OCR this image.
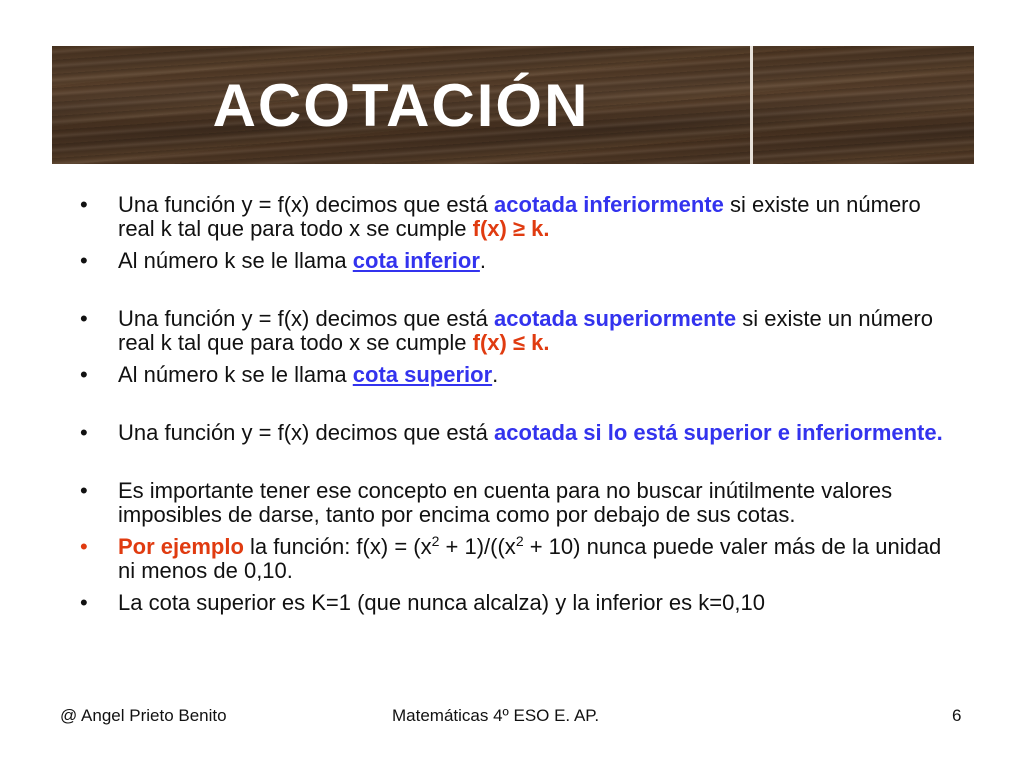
ACOTACIÓN
•	Una función y = f(x) decimos que está acotada inferiormente si existe un número real k tal que para todo x se cumple f(x) ≥ k.
•	Al número k se le llama cota inferior.
•	Una función y = f(x) decimos que está acotada superiormente si existe un número real k tal que para todo x se cumple f(x) ≤ k.
•	Al número k se le llama cota superior.
•	Una función y = f(x) decimos que está acotada si lo está superior e inferiormente.
•	Es importante tener ese concepto en cuenta para no buscar inútilmente valores imposibles de darse, tanto por encima como por debajo de sus cotas.
•	Por ejemplo la función: $f(x) = (x^2 + 1)/((x^2 + 10)$ nunca puede valer más de la unidad ni menos de 0,10.
•	La cota superior es K=1 (que nunca alcalza) y la inferior es k=0,10
@ Angel Prieto Benito	Matemáticas 4º ESO E. AP.	6
